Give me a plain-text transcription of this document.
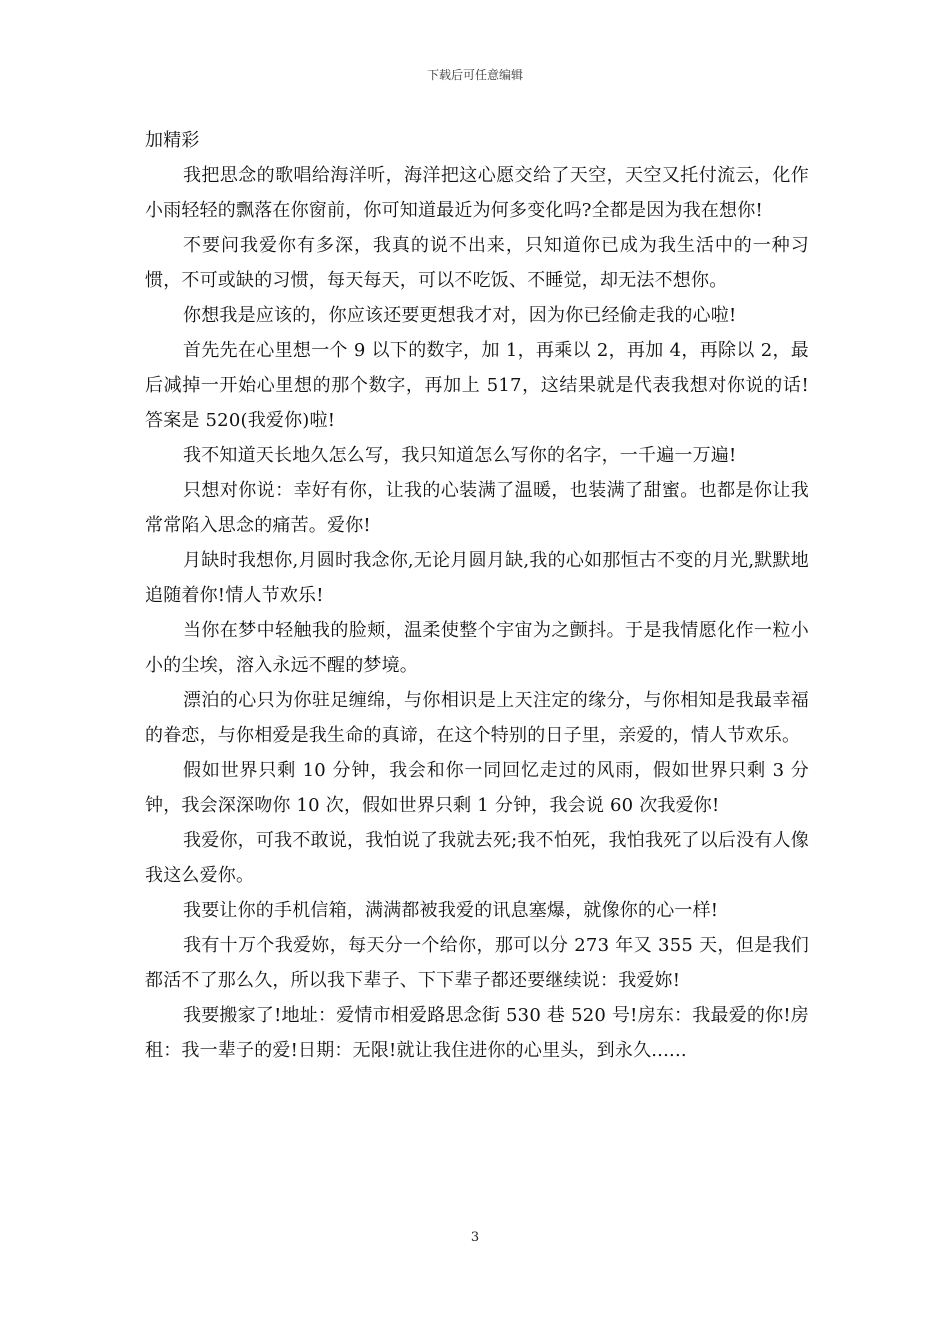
下载后可任意编辑

加精彩

我把思念的歌唱给海洋听，海洋把这心愿交给了天空，天空又托付流云，化作小雨轻轻的飘落在你窗前，你可知道最近为何多变化吗?全都是因为我在想你!

不要问我爱你有多深，我真的说不出来，只知道你已成为我生活中的一种习惯，不可或缺的习惯，每天每天，可以不吃饭、不睡觉，却无法不想你。

你想我是应该的，你应该还要更想我才对，因为你已经偷走我的心啦!

首先先在心里想一个 9 以下的数字，加 1，再乘以 2，再加 4，再除以 2，最后减掉一开始心里想的那个数字，再加上 517，这结果就是代表我想对你说的话!答案是 520(我爱你)啦!

我不知道天长地久怎么写，我只知道怎么写你的名字，一千遍一万遍!

只想对你说：幸好有你，让我的心装满了温暖，也装满了甜蜜。也都是你让我常常陷入思念的痛苦。爱你!

月缺时我想你,月圆时我念你,无论月圆月缺,我的心如那恒古不变的月光,默默地追随着你!情人节欢乐!

当你在梦中轻触我的脸颊，温柔使整个宇宙为之颤抖。于是我情愿化作一粒小小的尘埃，溶入永远不醒的梦境。

漂泊的心只为你驻足缠绵，与你相识是上天注定的缘分，与你相知是我最幸福的眷恋，与你相爱是我生命的真谛，在这个特别的日子里，亲爱的，情人节欢乐。

假如世界只剩 10 分钟，我会和你一同回忆走过的风雨，假如世界只剩 3 分钟，我会深深吻你 10 次，假如世界只剩 1 分钟，我会说 60 次我爱你!

我爱你，可我不敢说，我怕说了我就去死;我不怕死，我怕我死了以后没有人像我这么爱你。

我要让你的手机信箱，满满都被我爱的讯息塞爆，就像你的心一样!

我有十万个我爱妳，每天分一个给你，那可以分 273 年又 355 天，但是我们都活不了那么久，所以我下辈子、下下辈子都还要继续说：我爱妳!

我要搬家了!地址：爱情市相爱路思念街 530 巷 520 号!房东：我最爱的你!房租：我一辈子的爱!日期：无限!就让我住进你的心里头，到永久......

3
